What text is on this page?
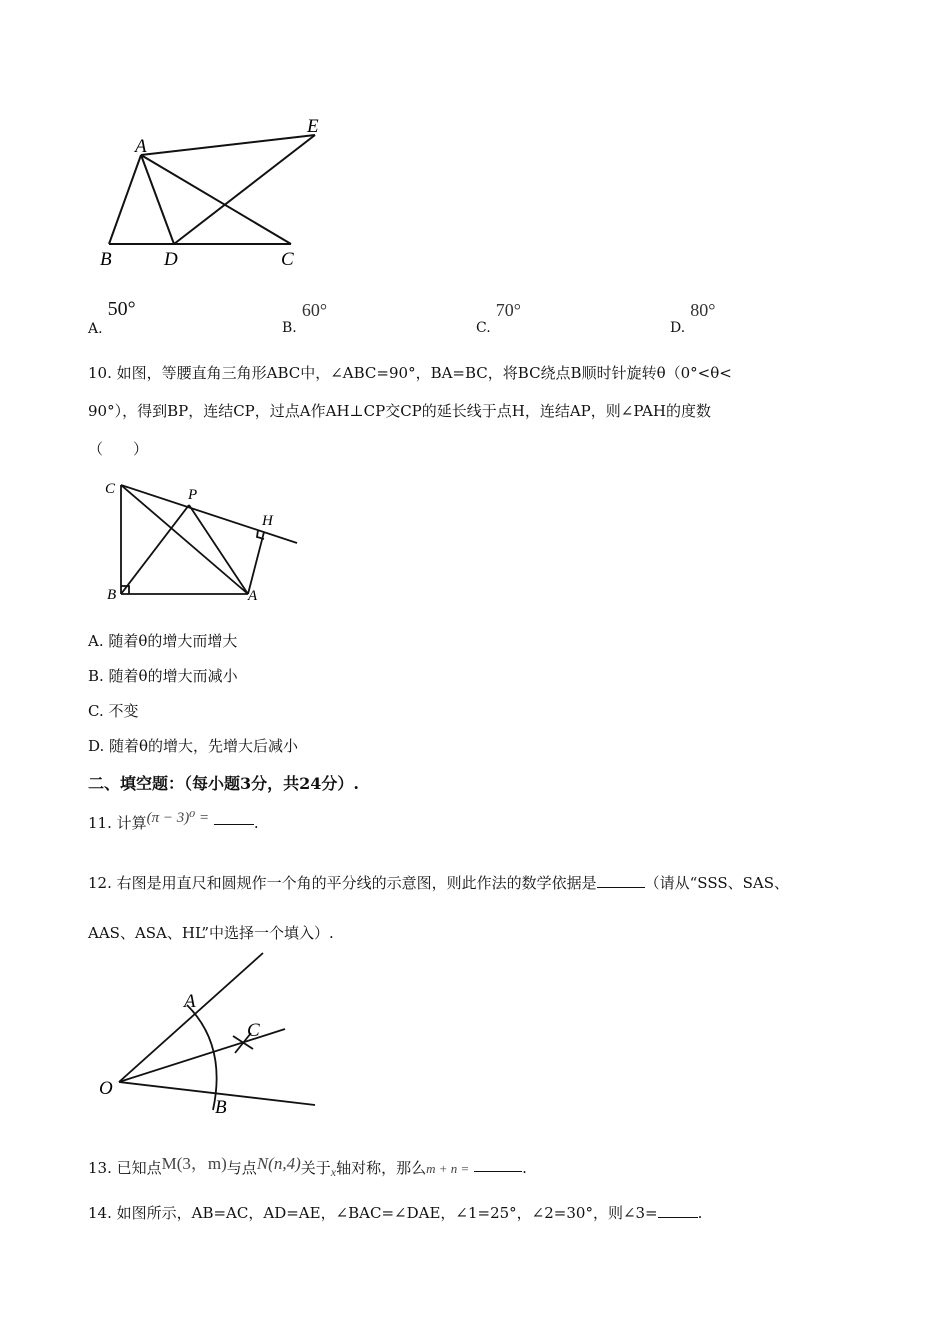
A
E
B	D	C
A. 50°
B. 60°
C. 70°
D. 80°
10. 如图，等腰直角三角形ABC中，∠ABC=90°，BA=BC，将BC绕点B顺时针旋转θ（0°<θ<
90°），得到BP，连结CP，过点A作AH⊥CP交CP的延长线于点H，连结AP，则∠PAH的度数
（　　）
C	P
H
B	A
A. 随着θ的增大而增大
B. 随着θ的增大而减小
C. 不变
D. 随着θ的增大，先增大后减小
二、填空题：（每小题3分，共24分）.
11. 计算(π − 3)⁰ =	.
12. 右图是用直尺和圆规作一个角的平分线的示意图，则此作法的数学依据是	（请从“SSS、SAS、
AAS、ASA、HL”中选择一个填入）.
A
C
O
B
13. 已知点M(3，m)与点N(n,4)关于$_x$轴对称，那么m + n =	.
14. 如图所示，AB=AC，AD=AE，∠BAC=∠DAE，∠1=25°，∠2=30°，则∠3=	.
